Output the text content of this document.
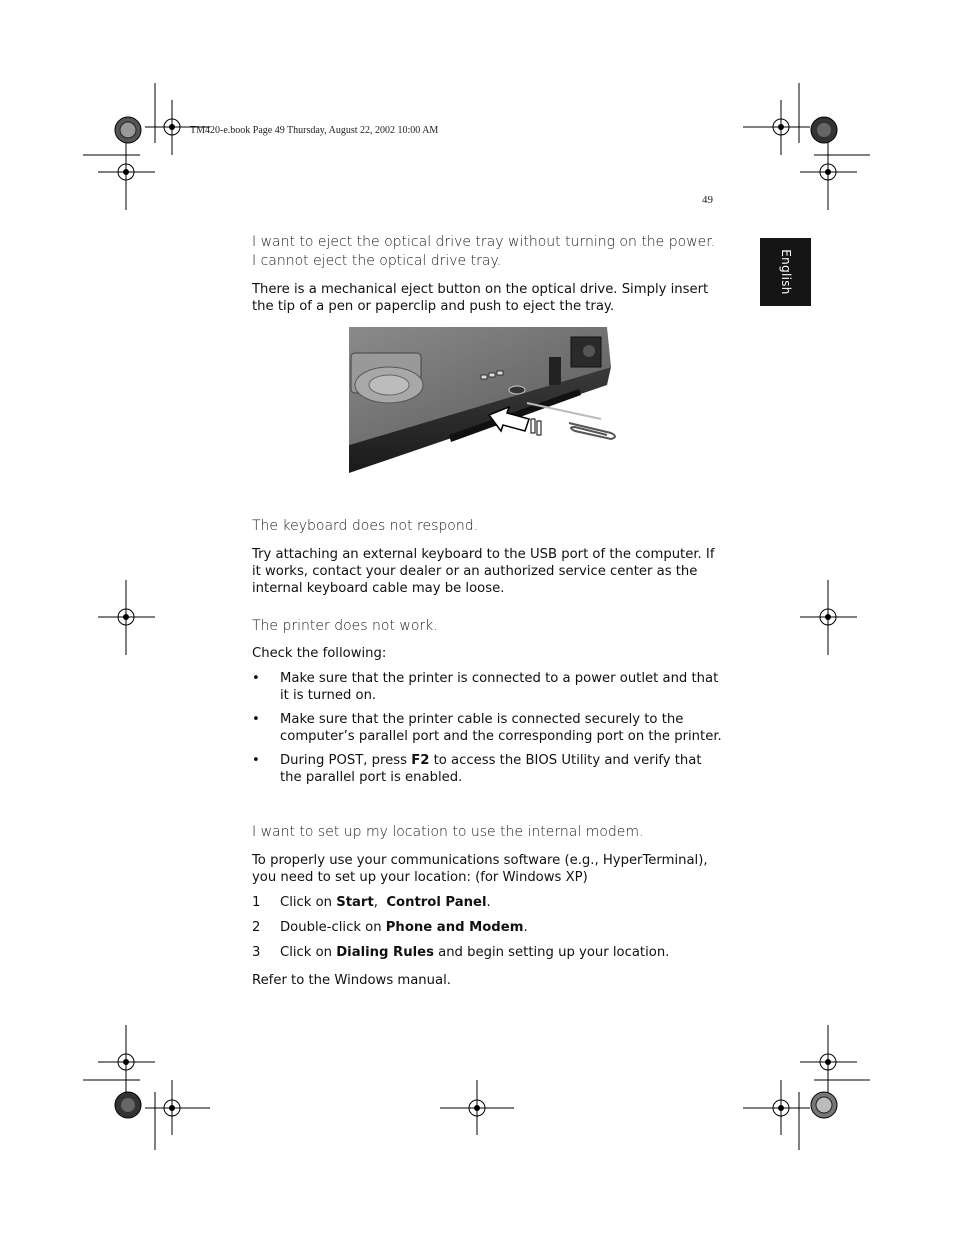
TM420-e.book Page 49 Thursday, August 22, 2002 10:00 AM
49
English

I want to eject the optical drive tray without turning on the power. I cannot eject the optical drive tray.

There is a mechanical eject button on the optical drive. Simply insert the tip of a pen or paperclip and push to eject the tray.

The keyboard does not respond.

Try attaching an external keyboard to the USB port of the computer. If it works, contact your dealer or an authorized service center as the internal keyboard cable may be loose.

The printer does not work.

Check the following:

• Make sure that the printer is connected to a power outlet and that it is turned on.
• Make sure that the printer cable is connected securely to the computer’s parallel port and the corresponding port on the printer.
• During POST, press F2 to access the BIOS Utility and verify that the parallel port is enabled.

I want to set up my location to use the internal modem.

To properly use your communications software (e.g., HyperTerminal), you need to set up your location: (for Windows XP)

1 Click on Start,  Control Panel.
2 Double-click on Phone and Modem.
3 Click on Dialing Rules and begin setting up your location.

Refer to the Windows manual.
